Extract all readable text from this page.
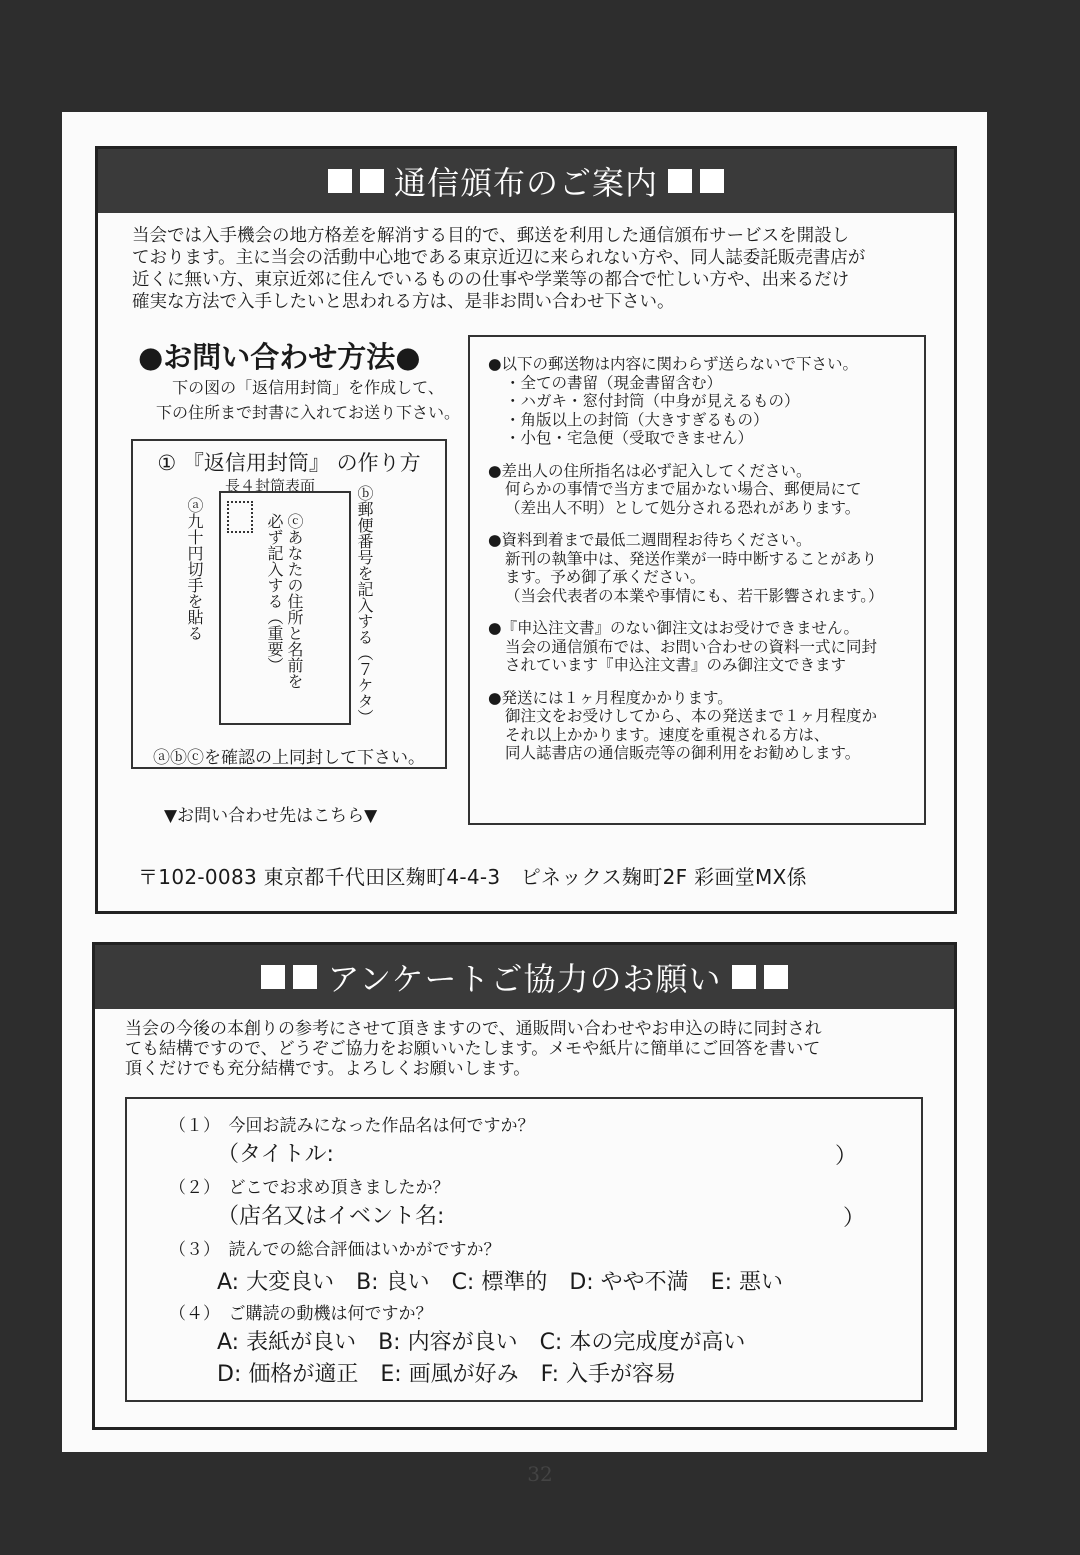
通信頒布のご案内
当会では入手機会の地方格差を解消する目的で、郵送を利用した通信頒布サービスを開設し
ております。主に当会の活動中心地である東京近辺に来られない方や、同人誌委託販売書店が
近くに無い方、東京近郊に住んでいるものの仕事や学業等の都合で忙しい方や、出来るだけ
確実な方法で入手したいと思われる方は、是非お問い合わせ下さい。
●お問い合わせ方法●
下の図の「返信用封筒」を作成して、
下の住所まで封書に入れてお送り下さい。
① 『返信用封筒』 の作り方
長４封筒表面
ⓐ九十円切手を貼る	ⓒあなたの住所と名前を
必ず記入する（重要）	ⓑ郵便番号を記入する（７ケタ）
ⓐⓑⓒを確認の上同封して下さい。
▼お問い合わせ先はこちら▼
●以下の郵送物は内容に関わらず送らないで下さい。
・全ての書留（現金書留含む）
・ハガキ・窓付封筒（中身が見えるもの）
・角版以上の封筒（大きすぎるもの）
・小包・宅急便（受取できません）
●差出人の住所指名は必ず記入してください。
何らかの事情で当方まで届かない場合、郵便局にて
（差出人不明）として処分される恐れがあります。
●資料到着まで最低二週間程お待ちください。
新刊の執筆中は、発送作業が一時中断することがあり
ます。予め御了承ください。
（当会代表者の本業や事情にも、若干影響されます。）
●『申込注文書』のない御注文はお受けできません。
当会の通信頒布では、お問い合わせの資料一式に同封
されています『申込注文書』のみ御注文できます
●発送には１ヶ月程度かかります。
御注文をお受けしてから、本の発送まで１ヶ月程度か
それ以上かかります。速度を重視される方は、
同人誌書店の通信販売等の御利用をお勧めします。
〒102-0083 東京都千代田区麹町4-4-3　ピネックス麹町2F 彩画堂MX係
アンケートご協力のお願い
当会の今後の本創りの参考にさせて頂きますので、通販問い合わせやお申込の時に同封され
ても結構ですので、どうぞご協力をお願いいたします。メモや紙片に簡単にご回答を書いて
頂くだけでも充分結構です。よろしくお願いします。
（１）　今回お読みになった作品名は何ですか？
（タイトル:	）
（２）　どこでお求め頂きましたか？
（店名又はイベント名:	）
（３）　読んでの総合評価はいかがですか？
A: 大変良い　B: 良い　C: 標準的　D: やや不満　E: 悪い
（４）　ご購読の動機は何ですか？
A: 表紙が良い　B: 内容が良い　C: 本の完成度が高い
D: 価格が適正　E: 画風が好み　F: 入手が容易
32
